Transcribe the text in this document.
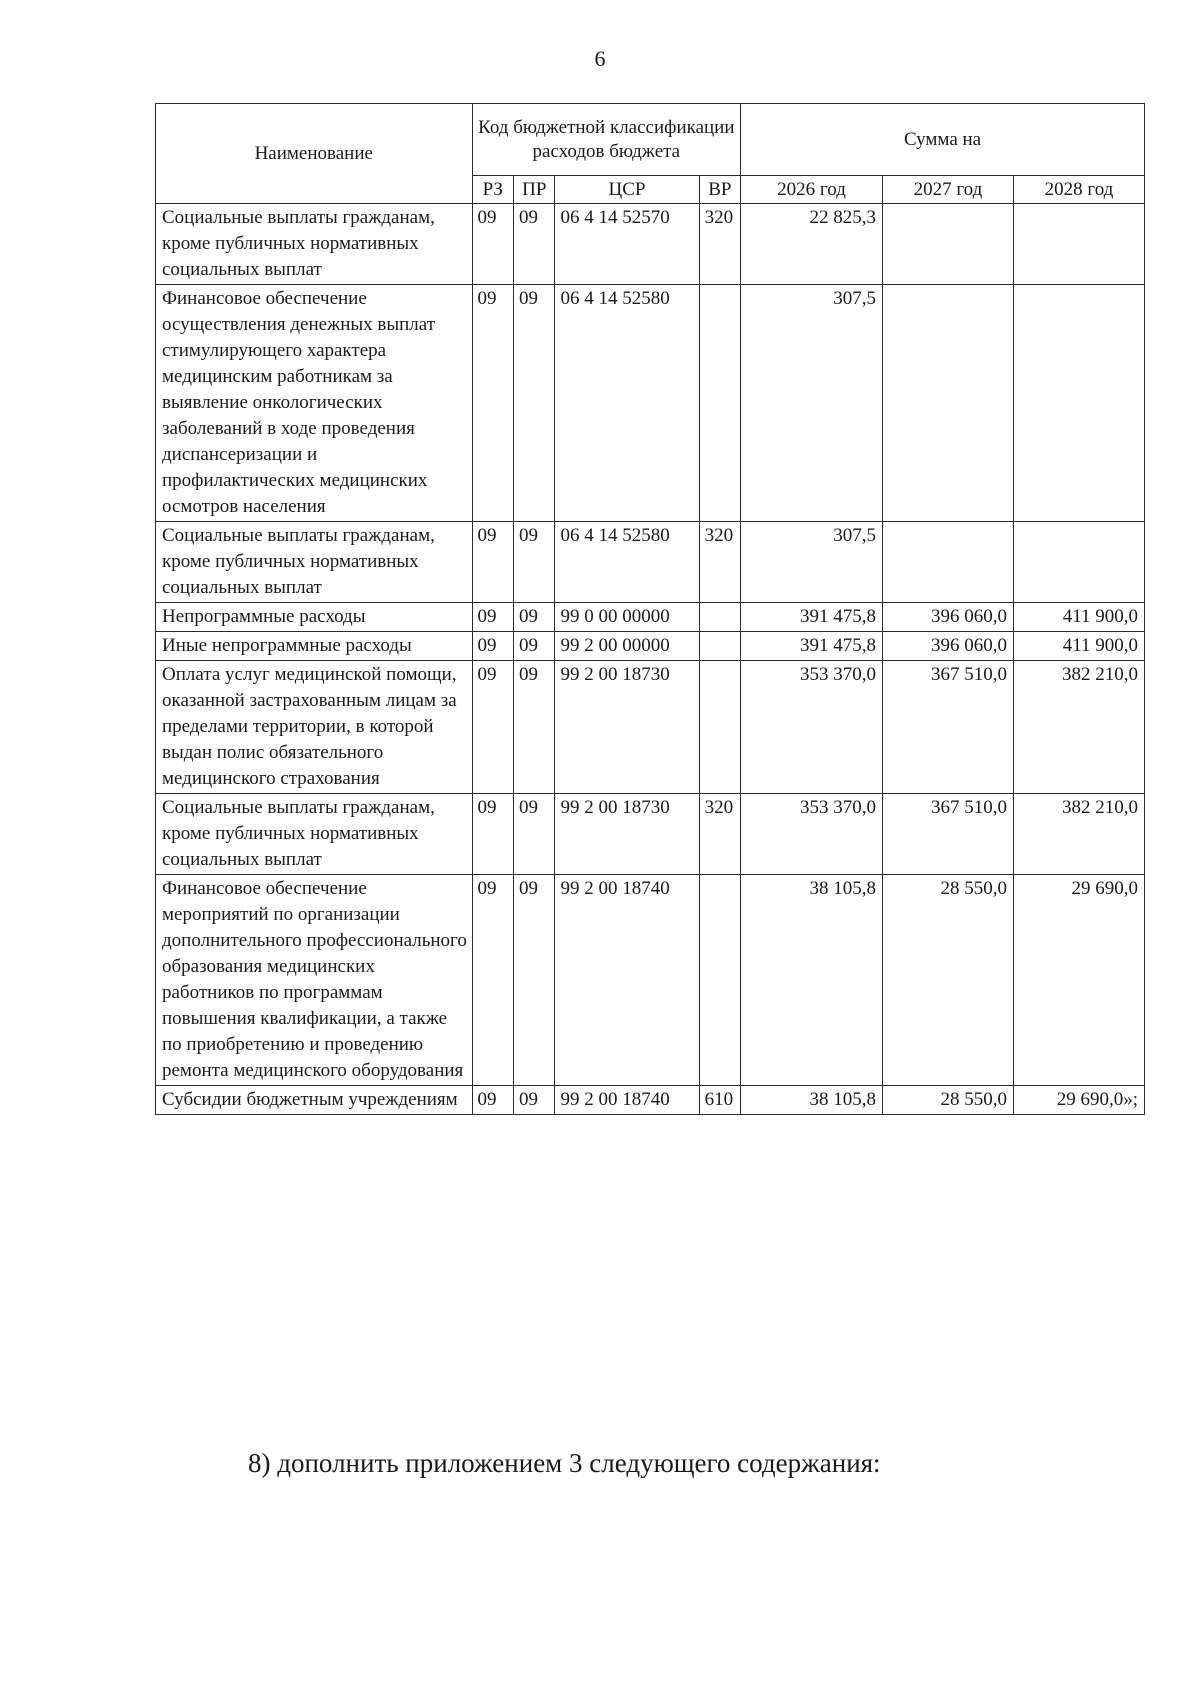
6
Наименование	Код бюджетной классификации расходов бюджета				Сумма на		
	РЗ	ПР	ЦСР	ВР	2026 год	2027 год	2028 год
Социальные выплаты гражданам, кроме публичных нормативных социальных выплат	09	09	06 4 14 52570	320	22 825,3		
Финансовое обеспечение осуществления денежных выплат стимулирующего характера медицинским работникам за выявление онкологических заболеваний в ходе проведения диспансеризации и профилактических медицинских осмотров населения	09	09	06 4 14 52580		307,5		
Социальные выплаты гражданам, кроме публичных нормативных социальных выплат	09	09	06 4 14 52580	320	307,5		
Непрограммные расходы	09	09	99 0 00 00000		391 475,8	396 060,0	411 900,0
Иные непрограммные расходы	09	09	99 2 00 00000		391 475,8	396 060,0	411 900,0
Оплата услуг медицинской помощи, оказанной застрахованным лицам за пределами территории, в которой выдан полис обязательного медицинского страхования	09	09	99 2 00 18730		353 370,0	367 510,0	382 210,0
Социальные выплаты гражданам, кроме публичных нормативных социальных выплат	09	09	99 2 00 18730	320	353 370,0	367 510,0	382 210,0
Финансовое обеспечение мероприятий по организации дополнительного профессионального образования медицинских работников по программам повышения квалификации, а также по приобретению и проведению ремонта медицинского оборудования	09	09	99 2 00 18740		38 105,8	28 550,0	29 690,0
Субсидии бюджетным учреждениям	09	09	99 2 00 18740	610	38 105,8	28 550,0	29 690,0»;
8) дополнить приложением 3 следующего содержания:
